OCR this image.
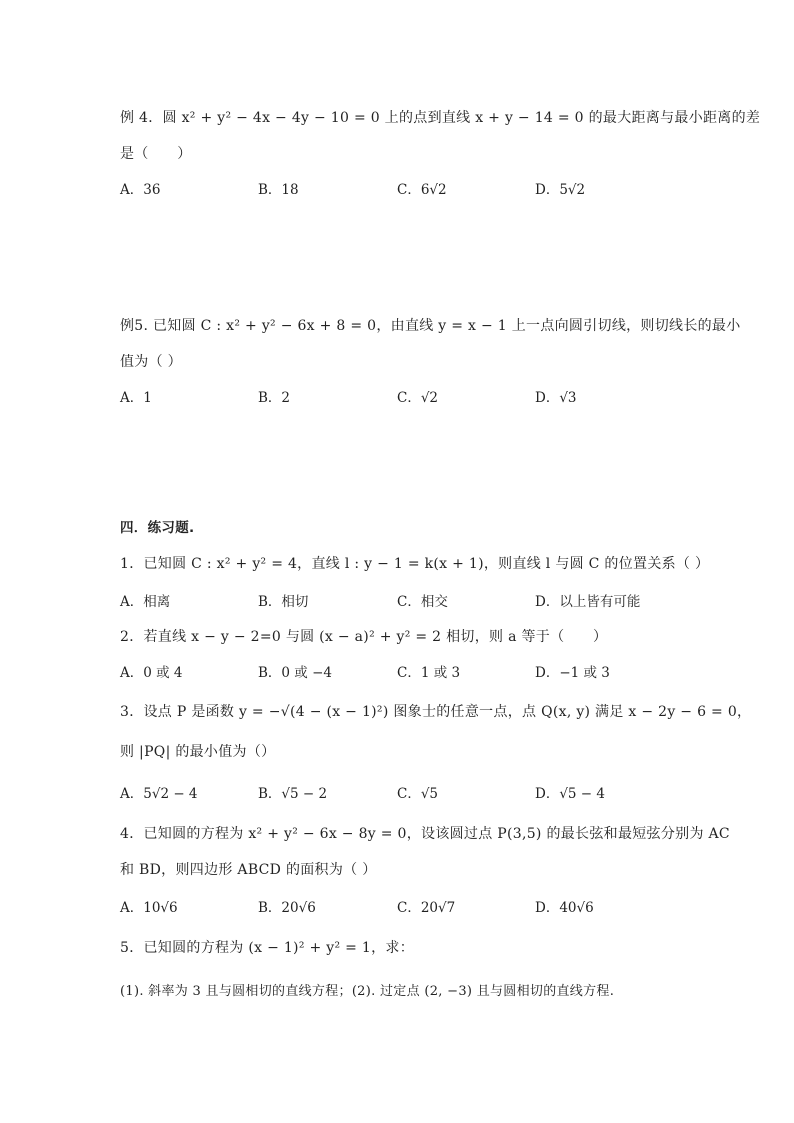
例 4．圆 x² + y² − 4x − 4y − 10 = 0 上的点到直线 x + y − 14 = 0 的最大距离与最小距离的差
是（　　）
A．36	B．18	C．6√2	D．5√2
例5. 已知圆 C : x² + y² − 6x + 8 = 0，由直线 y = x − 1 上一点向圆引切线，则切线长的最小
值为（ ）
A．1	B．2	C．√2	D．√3
四．练习题.
1．已知圆 C : x² + y² = 4，直线 l : y − 1 = k(x + 1)，则直线 l 与圆 C 的位置关系（ ）
A．相离	B．相切	C．相交	D．以上皆有可能
2．若直线 x − y − 2=0 与圆 (x − a)² + y² = 2 相切，则 a 等于（　　）
A．0 或 4	B．0 或 −4	C．1 或 3	D．−1 或 3
3．设点 P 是函数 y = −√(4 − (x − 1)²) 图象士的任意一点，点 Q(x, y) 满足 x − 2y − 6 = 0，
则 |PQ| 的最小值为（）
A．5√2 − 4	B．√5 − 2	C．√5	D．√5 − 4
4．已知圆的方程为 x² + y² − 6x − 8y = 0，设该圆过点 P(3,5) 的最长弦和最短弦分别为 AC
和 BD，则四边形 ABCD 的面积为（ ）
A．10√6	B．20√6	C．20√7	D．40√6
5．已知圆的方程为 (x − 1)² + y² = 1，求：
(1). 斜率为 3 且与圆相切的直线方程；(2). 过定点 (2, −3) 且与圆相切的直线方程.
